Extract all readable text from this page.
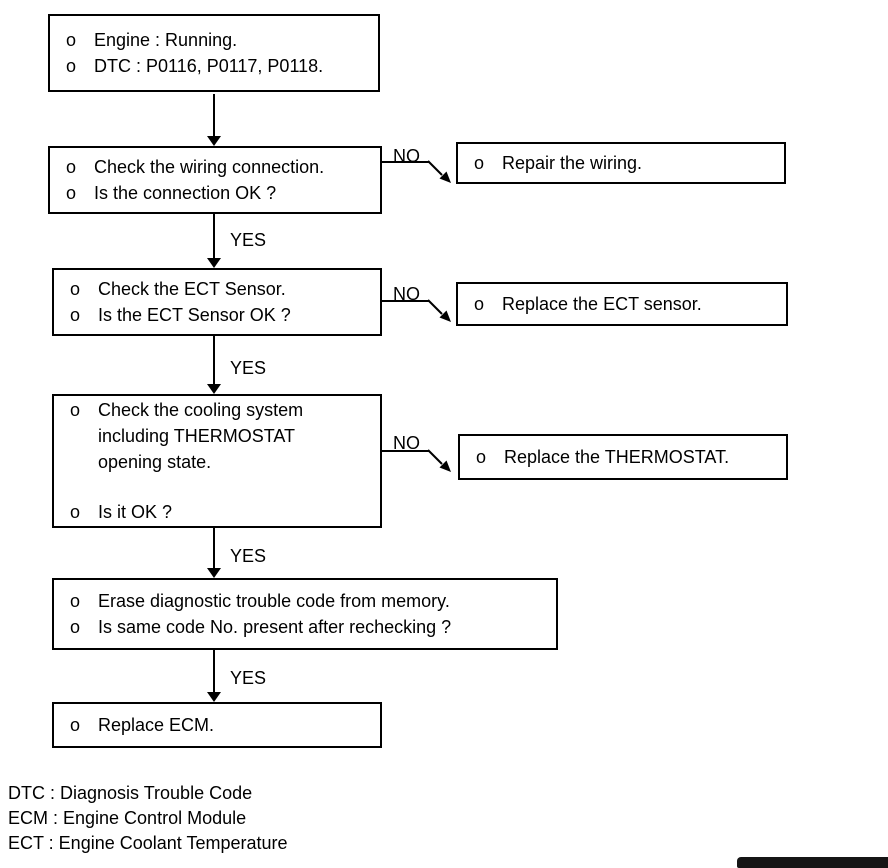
o Engine : Running.
o DTC : P0116, P0117, P0118.
o Check the wiring connection.
o Is the connection OK ?
NO	o Repair the wiring.
YES
o Check the ECT Sensor.
o Is the ECT Sensor OK ?
NO	o Replace the ECT sensor.
YES
o Check the cooling system including THERMOSTAT opening state.
o Is it OK ?
NO
o Replace the THERMOSTAT.
YES
o Erase diagnostic trouble code from memory.
o Is same code No. present after rechecking ?
YES
o Replace ECM.
DTC : Diagnosis Trouble Code
ECM : Engine Control Module
ECT : Engine Coolant Temperature
